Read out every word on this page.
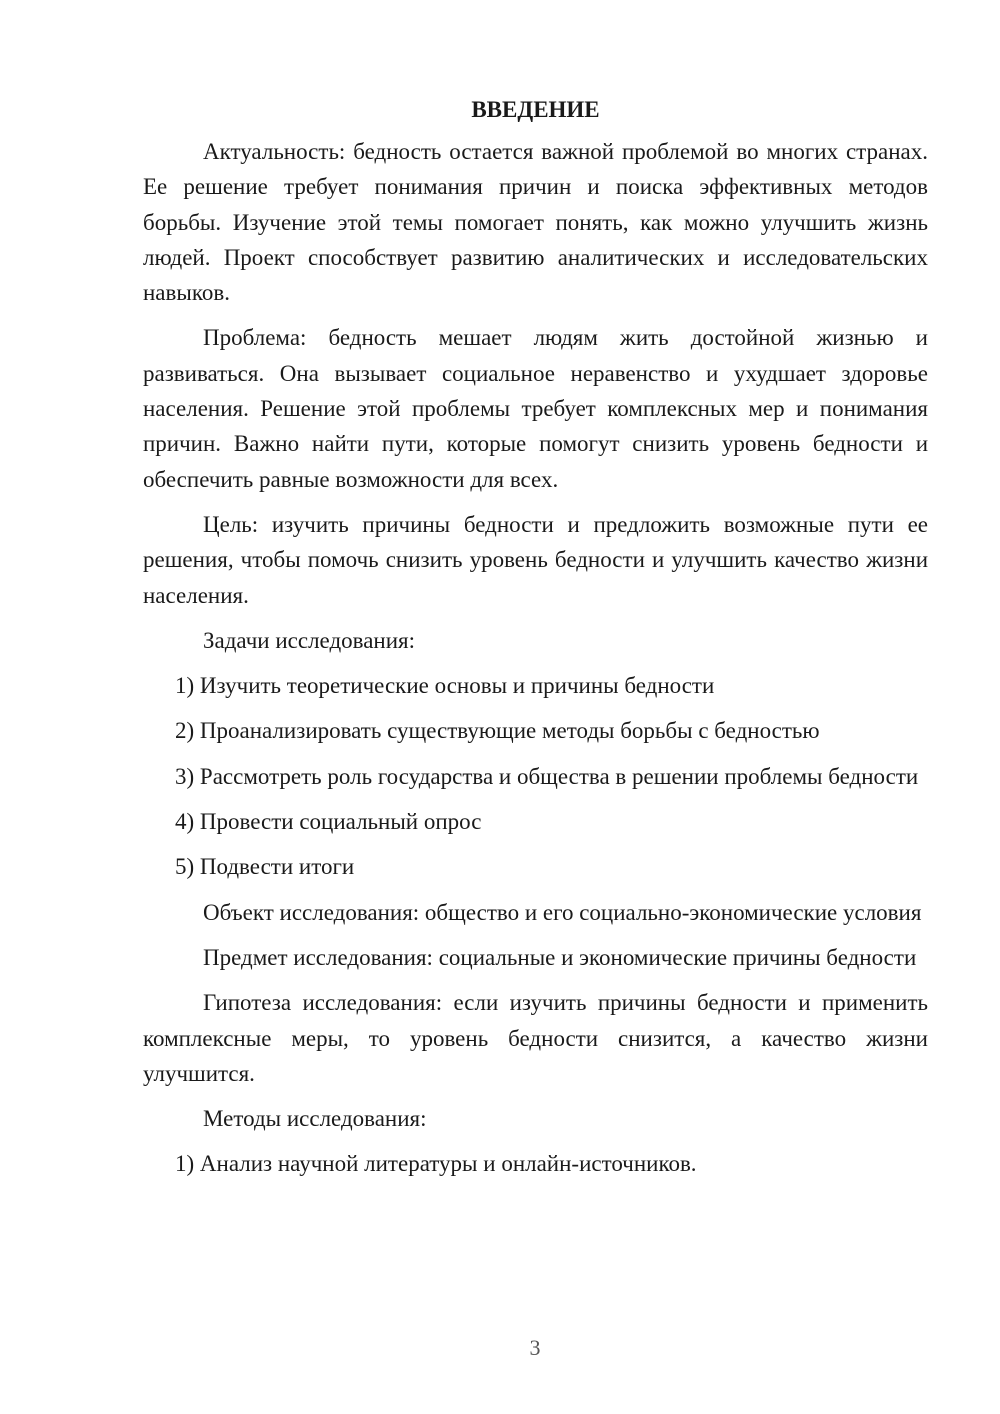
ВВЕДЕНИЕ

Актуальность: бедность остается важной проблемой во многих странах. Ее решение требует понимания причин и поиска эффективных методов борьбы. Изучение этой темы помогает понять, как можно улучшить жизнь людей. Проект способствует развитию аналитических и исследовательских навыков.

Проблема: бедность мешает людям жить достойной жизнью и развиваться. Она вызывает социальное неравенство и ухудшает здоровье населения. Решение этой проблемы требует комплексных мер и понимания причин. Важно найти пути, которые помогут снизить уровень бедности и обеспечить равные возможности для всех.

Цель: изучить причины бедности и предложить возможные пути ее решения, чтобы помочь снизить уровень бедности и улучшить качество жизни населения.

Задачи исследования:

1) Изучить теоретические основы и причины бедности

2) Проанализировать существующие методы борьбы с бедностью

3) Рассмотреть роль государства и общества в решении проблемы бедности

4) Провести социальный опрос

5) Подвести итоги

Объект исследования: общество и его социально-экономические условия

Предмет исследования: социальные и экономические причины бедности

Гипотеза исследования: если изучить причины бедности и применить комплексные меры, то уровень бедности снизится, а качество жизни улучшится.

Методы исследования:

1) Анализ научной литературы и онлайн-источников.

3
